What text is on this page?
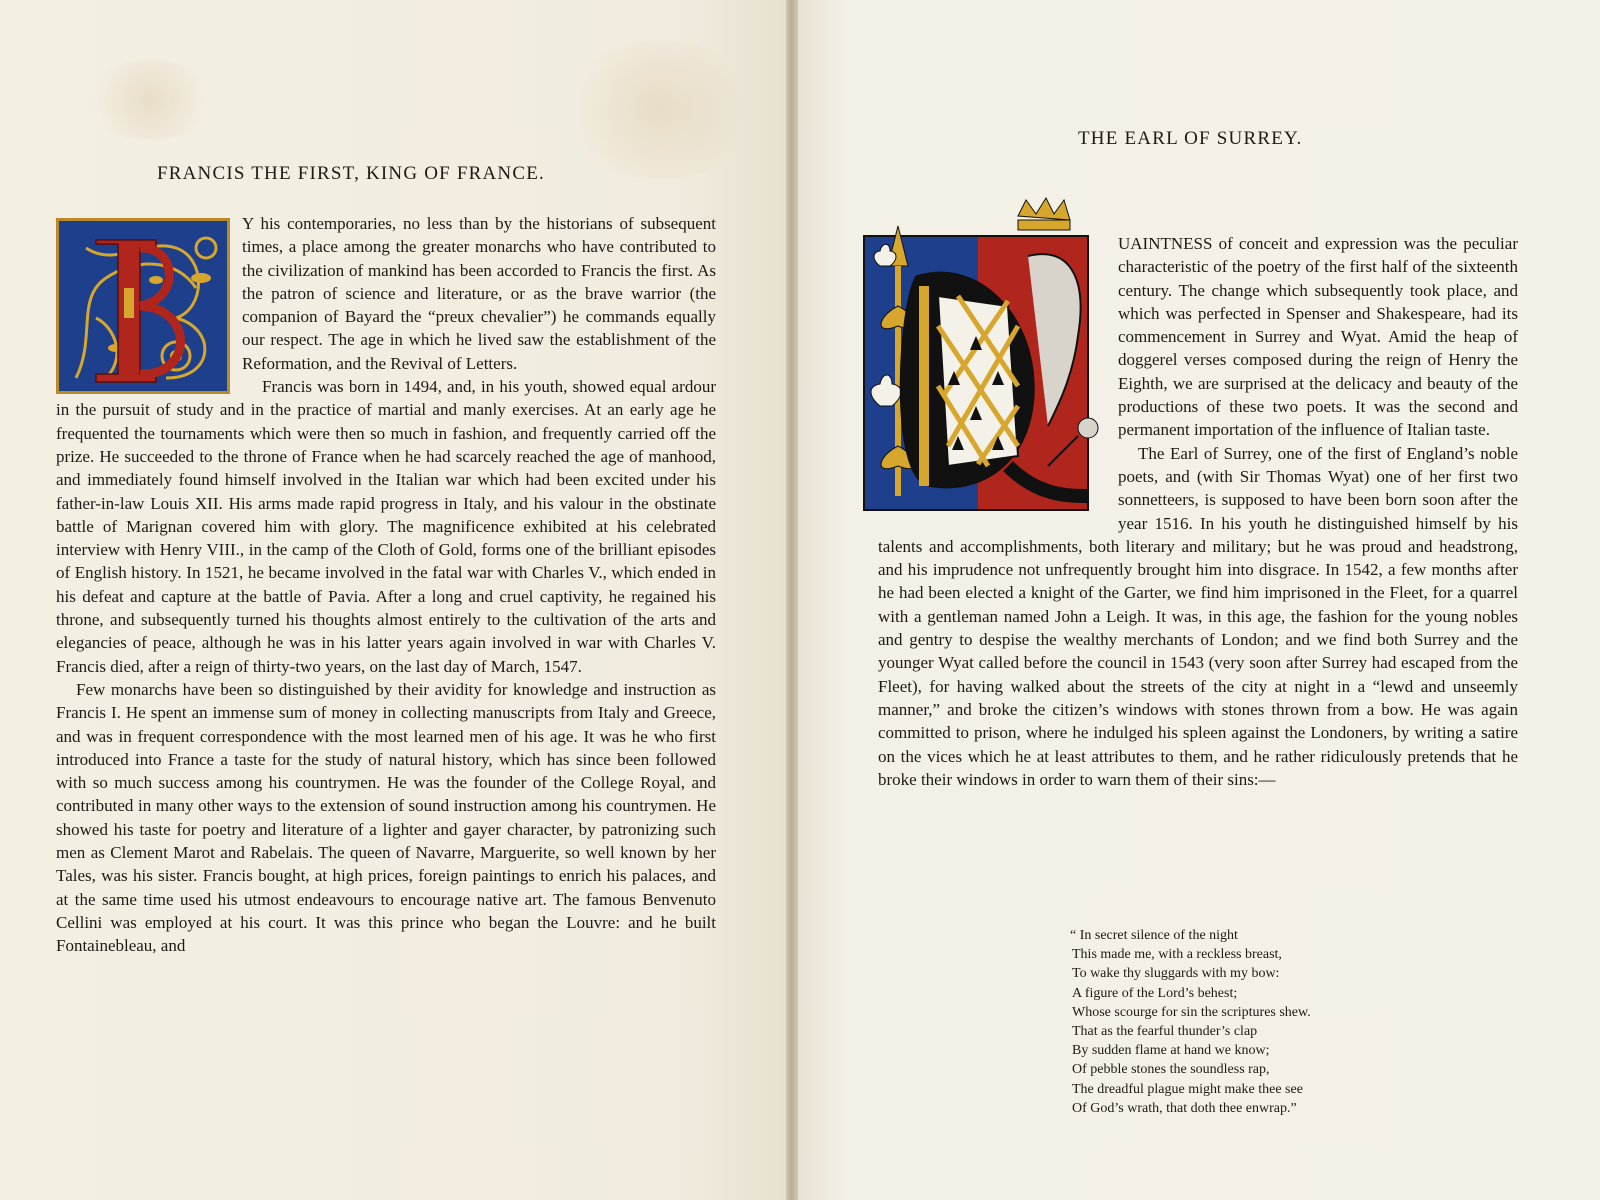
FRANCIS THE FIRST, KING OF FRANCE.

Y his contemporaries, no less than by the historians of subsequent times, a place among the greater monarchs who have contributed to the civilization of mankind has been accorded to Francis the first. As the patron of science and literature, or as the brave warrior (the companion of Bayard the “preux chevalier”) he commands equally our respect. The age in which he lived saw the establishment of the Reformation, and the Revival of Letters.

Francis was born in 1494, and, in his youth, showed equal ardour in the pursuit of study and in the practice of martial and manly exercises. At an early age he frequented the tournaments which were then so much in fashion, and frequently carried off the prize. He succeeded to the throne of France when he had scarcely reached the age of manhood, and immediately found himself involved in the Italian war which had been excited under his father-in-law Louis XII. His arms made rapid progress in Italy, and his valour in the obstinate battle of Marignan covered him with glory. The magnificence exhibited at his celebrated interview with Henry VIII., in the camp of the Cloth of Gold, forms one of the brilliant episodes of English history. In 1521, he became involved in the fatal war with Charles V., which ended in his defeat and capture at the battle of Pavia. After a long and cruel captivity, he regained his throne, and subsequently turned his thoughts almost entirely to the cultivation of the arts and elegancies of peace, although he was in his latter years again involved in war with Charles V. Francis died, after a reign of thirty-two years, on the last day of March, 1547.

Few monarchs have been so distinguished by their avidity for knowledge and instruction as Francis I. He spent an immense sum of money in collecting manuscripts from Italy and Greece, and was in frequent correspondence with the most learned men of his age. It was he who first introduced into France a taste for the study of natural history, which has since been followed with so much success among his countrymen. He was the founder of the College Royal, and contributed in many other ways to the extension of sound instruction among his countrymen. He showed his taste for poetry and literature of a lighter and gayer character, by patronizing such men as Clement Marot and Rabelais. The queen of Navarre, Marguerite, so well known by her Tales, was his sister. Francis bought, at high prices, foreign paintings to enrich his palaces, and at the same time used his utmost endeavours to encourage native art. The famous Benvenuto Cellini was employed at his court. It was this prince who began the Louvre: and he built Fontainebleau, and

THE EARL OF SURREY.

UAINTNESS of conceit and expression was the peculiar characteristic of the poetry of the first half of the sixteenth century. The change which subsequently took place, and which was perfected in Spenser and Shakespeare, had its commencement in Surrey and Wyat. Amid the heap of doggerel verses composed during the reign of Henry the Eighth, we are surprised at the delicacy and beauty of the productions of these two poets. It was the second and permanent importation of the influence of Italian taste.

The Earl of Surrey, one of the first of England’s noble poets, and (with Sir Thomas Wyat) one of her first two sonnetteers, is supposed to have been born soon after the year 1516. In his youth he distinguished himself by his talents and accomplishments, both literary and military; but he was proud and headstrong, and his imprudence not unfrequently brought him into disgrace. In 1542, a few months after he had been elected a knight of the Garter, we find him imprisoned in the Fleet, for a quarrel with a gentleman named John a Leigh. It was, in this age, the fashion for the young nobles and gentry to despise the wealthy merchants of London; and we find both Surrey and the younger Wyat called before the council in 1543 (very soon after Surrey had escaped from the Fleet), for having walked about the streets of the city at night in a “lewd and unseemly manner,” and broke the citizen’s windows with stones thrown from a bow. He was again committed to prison, where he indulged his spleen against the Londoners, by writing a satire on the vices which he at least attributes to them, and he rather ridiculously pretends that he broke their windows in order to warn them of their sins:—

“ In secret silence of the night
This made me, with a reckless breast,
To wake thy sluggards with my bow:
A figure of the Lord’s behest;
Whose scourge for sin the scriptures shew.
That as the fearful thunder’s clap
By sudden flame at hand we know;
Of pebble stones the soundless rap,
The dreadful plague might make thee see
Of God’s wrath, that doth thee enwrap.”
